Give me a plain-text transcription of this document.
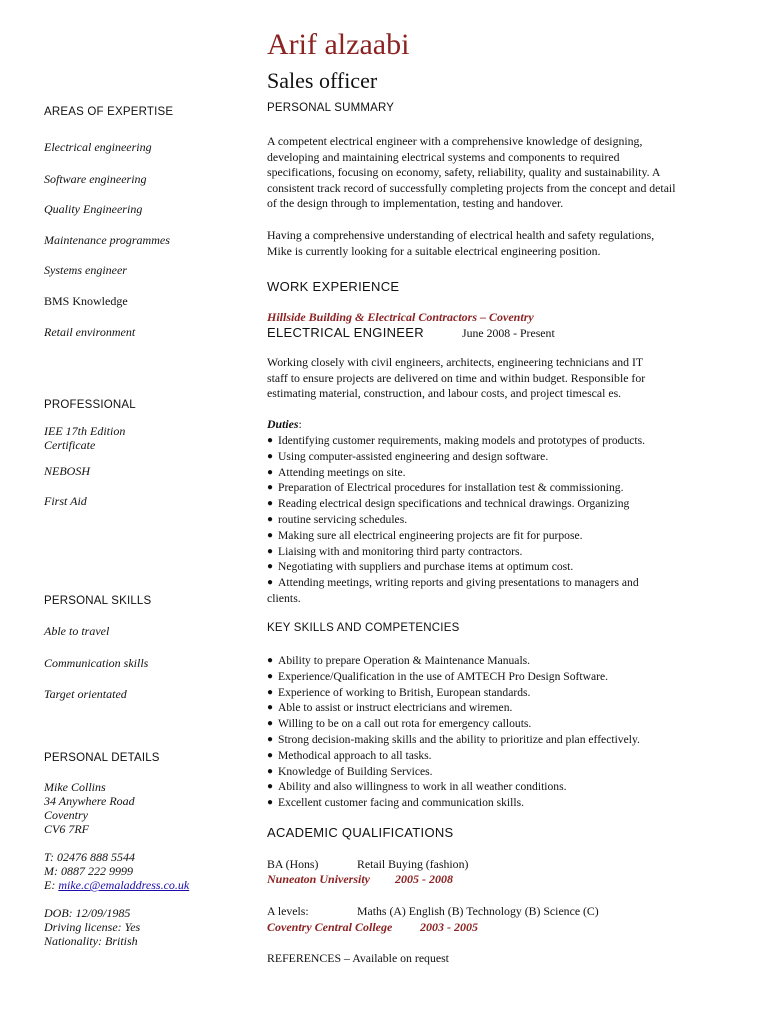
Arif alzaabi
Sales officer
AREAS OF EXPERTISE
Electrical engineering
Software engineering
Quality Engineering
Maintenance programmes
Systems engineer
BMS Knowledge
Retail environment
PROFESSIONAL
IEE 17th Edition
Certificate
NEBOSH
First Aid
PERSONAL SKILLS
Able to travel
Communication skills
Target orientated
PERSONAL DETAILS
Mike Collins
34 Anywhere Road
Coventry
CV6 7RF
T: 02476 888 5544
M: 0887 222 9999
E: mike.c@emaladdress.co.uk
DOB: 12/09/1985
Driving license: Yes
Nationality: British
PERSONAL SUMMARY
A competent electrical engineer with a comprehensive knowledge of designing,
developing and maintaining electrical systems and components to required
specifications, focusing on economy, safety, reliability, quality and sustainability. A
consistent track record of successfully completing projects from the concept and detail
of the design through to implementation, testing and handover.
Having a comprehensive understanding of electrical health and safety regulations,
Mike is currently looking for a suitable electrical engineering position.
WORK EXPERIENCE
Hillside Building & Electrical Contractors – Coventry
ELECTRICAL ENGINEER	June 2008 - Present
Working closely with civil engineers, architects, engineering technicians and IT
staff to ensure projects are delivered on time and within budget. Responsible for
estimating material, construction, and labour costs, and project timescal es.
Duties:
● Identifying customer requirements, making models and prototypes of products.
● Using computer-assisted engineering and design software.
● Attending meetings on site.
● Preparation of Electrical procedures for installation test & commissioning.
● Reading electrical design specifications and technical drawings. Organizing
● routine servicing schedules.
● Making sure all electrical engineering projects are fit for purpose.
● Liaising with and monitoring third party contractors.
● Negotiating with suppliers and purchase items at optimum cost.
● Attending meetings, writing reports and giving presentations to managers and
clients.
KEY SKILLS AND COMPETENCIES
● Ability to prepare Operation & Maintenance Manuals.
● Experience/Qualification in the use of AMTECH Pro Design Software.
● Experience of working to British, European standards.
● Able to assist or instruct electricians and wiremen.
● Willing to be on a call out rota for emergency callouts.
● Strong decision-making skills and the ability to prioritize and plan effectively.
● Methodical approach to all tasks.
● Knowledge of Building Services.
● Ability and also willingness to work in all weather conditions.
● Excellent customer facing and communication skills.
ACADEMIC QUALIFICATIONS
BA (Hons)	Retail Buying (fashion)
Nuneaton University 2005 - 2008
A levels:	Maths (A) English (B) Technology (B) Science (C)
Coventry Central College 2003 - 2005
REFERENCES – Available on request
